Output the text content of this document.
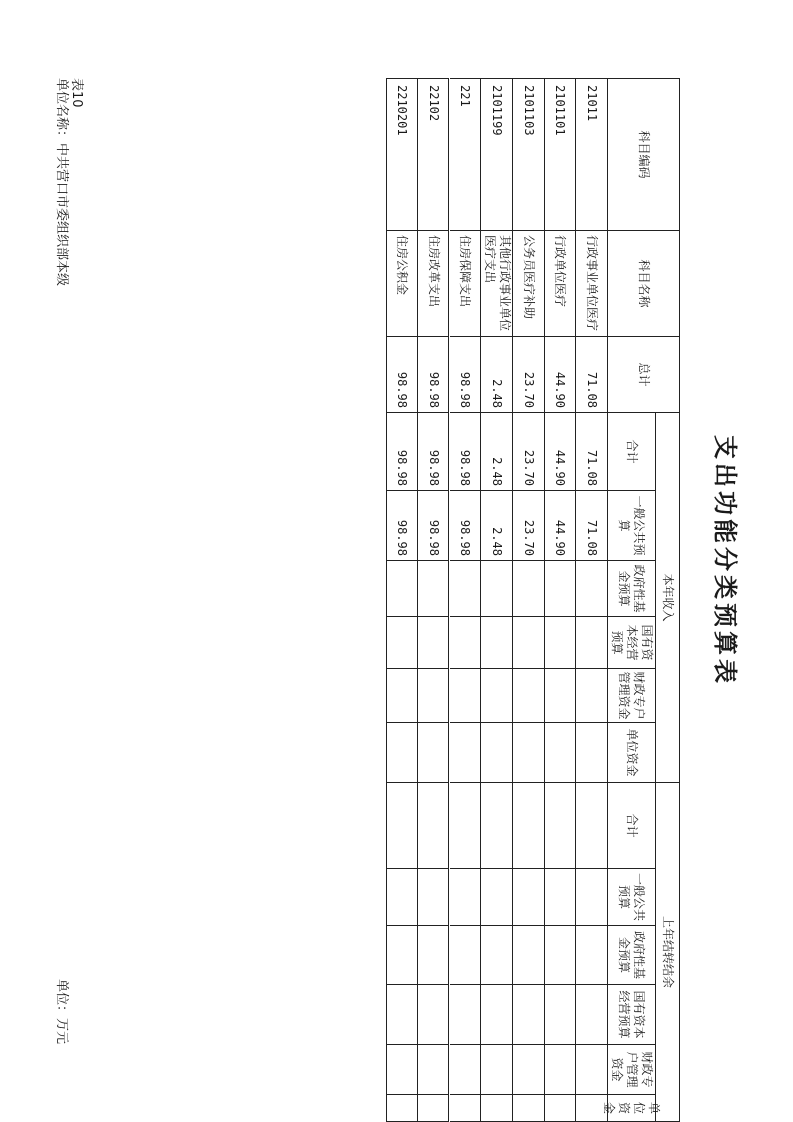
支出功能分类预算表
表10
单位名称：中共营口市委组织部本级
单位：万元
科目编码
科目名称
总计
本年收入
上年结转结余
合计
一般公共预算
政府性基金预算
国有资本经营预算
财政专户管理资金
单位资金
合计
一般公共预算
政府性基金预算
国有资本经营预算
财政专户管理资金
单位资金
21011
行政事业单位医疗
71.08
71.08
71.08
2101101
行政单位医疗
44.90
44.90
44.90
2101103
公务员医疗补助
23.70
23.70
23.70
2101199
其他行政事业单位医疗支出
2.48
2.48
2.48
221
住房保障支出
98.98
98.98
98.98
22102
住房改革支出
98.98
98.98
98.98
2210201
住房公积金
98.98
98.98
98.98
